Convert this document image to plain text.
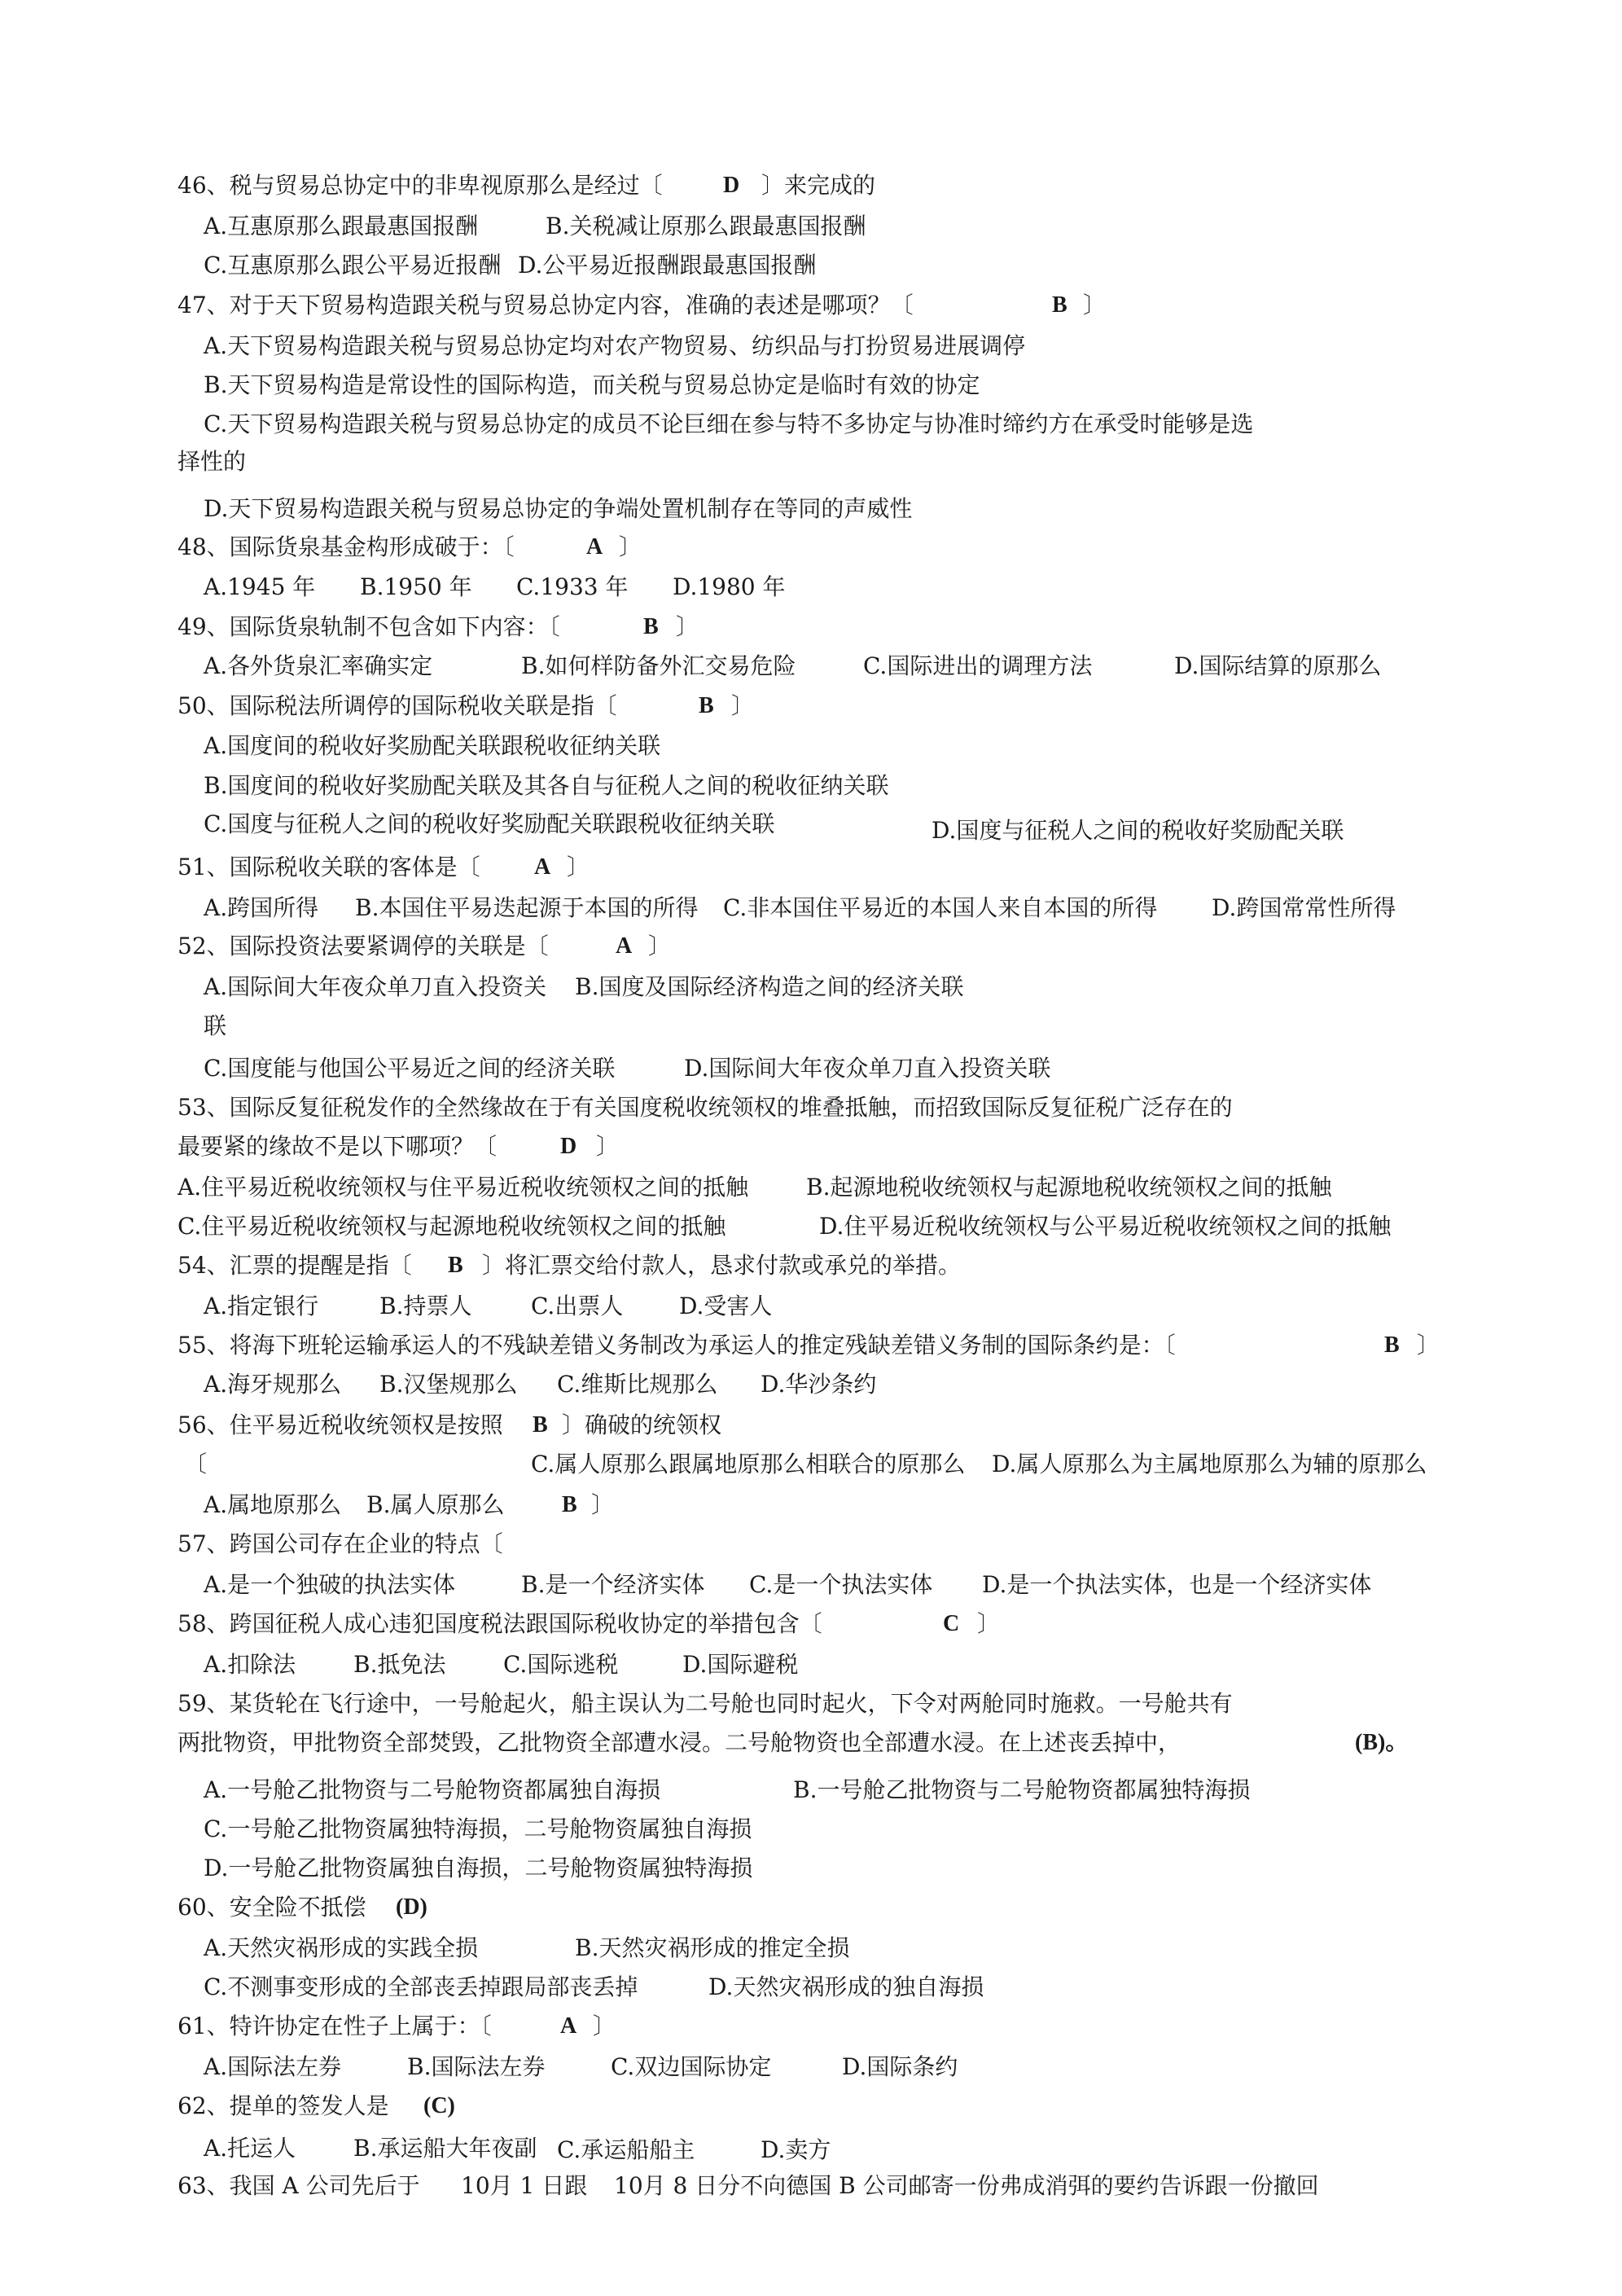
46、税与贸易总协定中的非卑视原那么是经过〔	D 〕来完成的
A.互惠原那么跟最惠国报酬	B.关税减让原那么跟最惠国报酬
C.互惠原那么跟公平易近报酬 D.公平易近报酬跟最惠国报酬
47、对于天下贸易构造跟关税与贸易总协定内容，准确的表述是哪项？〔	B 〕
A.天下贸易构造跟关税与贸易总协定均对农产物贸易、纺织品与打扮贸易进展调停
B.天下贸易构造是常设性的国际构造，而关税与贸易总协定是临时有效的协定
C.天下贸易构造跟关税与贸易总协定的成员不论巨细在参与特不多协定与协准时缔约方在承受时能够是选
择性的
D.天下贸易构造跟关税与贸易总协定的争端处置机制存在等同的声威性
48、国际货泉基金构形成破于：〔	A 〕
A.1945 年 B.1950 年 C.1933 年 D.1980 年
49、国际货泉轨制不包含如下内容：〔	B 〕
A.各外货泉汇率确实定	B.如何样防备外汇交易危险	C.国际进出的调理方法	D.国际结算的原那么
50、国际税法所调停的国际税收关联是指〔	B 〕
A.国度间的税收好奖励配关联跟税收征纳关联
B.国度间的税收好奖励配关联及其各自与征税人之间的税收征纳关联
C.国度与征税人之间的税收好奖励配关联跟税收征纳关联	D.国度与征税人之间的税收好奖励配关联
51、国际税收关联的客体是〔 A 〕
A.跨国所得 B.本国住平易迭起源于本国的所得 C.非本国住平易近的本国人来自本国的所得 D.跨国常常性所得
52、国际投资法要紧调停的关联是〔	A 〕
A.国际间大年夜众单刀直入投资关 B.国度及国际经济构造之间的经济关联
联
C.国度能与他国公平易近之间的经济关联	D.国际间大年夜众单刀直入投资关联
53、国际反复征税发作的全然缘故在于有关国度税收统领权的堆叠抵触，而招致国际反复征税广泛存在的
最要紧的缘故不是以下哪项？〔	D 〕
A.住平易近税收统领权与住平易近税收统领权之间的抵触	B.起源地税收统领权与起源地税收统领权之间的抵触
C.住平易近税收统领权与起源地税收统领权之间的抵触	D.住平易近税收统领权与公平易近税收统领权之间的抵触
54、汇票的提醒是指〔 B 〕将汇票交给付款人，恳求付款或承兑的举措。
A.指定银行	B.持票人	C.出票人 D.受害人
55、将海下班轮运输承运人的不残缺差错义务制改为承运人的推定残缺差错义务制的国际条约是：〔	B 〕
A.海牙规那么 B.汉堡规那么 C.维斯比规那么 D.华沙条约
56、住平易近税收统领权是按照 B 〕确破的统领权
〔	C.属人原那么跟属地原那么相联合的原那么 D.属人原那么为主属地原那么为辅的原那么
A.属地原那么 B.属人原那么	B 〕
57、跨国公司存在企业的特点〔
A.是一个独破的执法实体	B.是一个经济实体 C.是一个执法实体 D.是一个执法实体，也是一个经济实体
58、跨国征税人成心违犯国度税法跟国际税收协定的举措包含〔	C 〕
A.扣除法	B.抵免法	C.国际逃税	D.国际避税
59、某货轮在飞行途中，一号舱起火，船主误认为二号舱也同时起火，下令对两舱同时施救。一号舱共有
两批物资，甲批物资全部焚毁，乙批物资全部遭水浸。二号舱物资也全部遭水浸。在上述丧丢掉中，	(B)。
A.一号舱乙批物资与二号舱物资都属独自海损	B.一号舱乙批物资与二号舱物资都属独特海损
C.一号舱乙批物资属独特海损，二号舱物资属独自海损
D.一号舱乙批物资属独自海损，二号舱物资属独特海损
60、安全险不抵偿 (D)
A.天然灾祸形成的实践全损	B.天然灾祸形成的推定全损
C.不测事变形成的全部丧丢掉跟局部丧丢掉	D.天然灾祸形成的独自海损
61、特许协定在性子上属于：〔	A 〕
A.国际法左券	B.国际法左券	C.双边国际协定	D.国际条约
62、提单的签发人是 (C)
A.托运人	B.承运船大年夜副 C.承运船船主	D.卖方
63、我国 A 公司先后于 10月 1 日跟 10月 8 日分不向德国 B 公司邮寄一份弗成消弭的要约告诉跟一份撤回
